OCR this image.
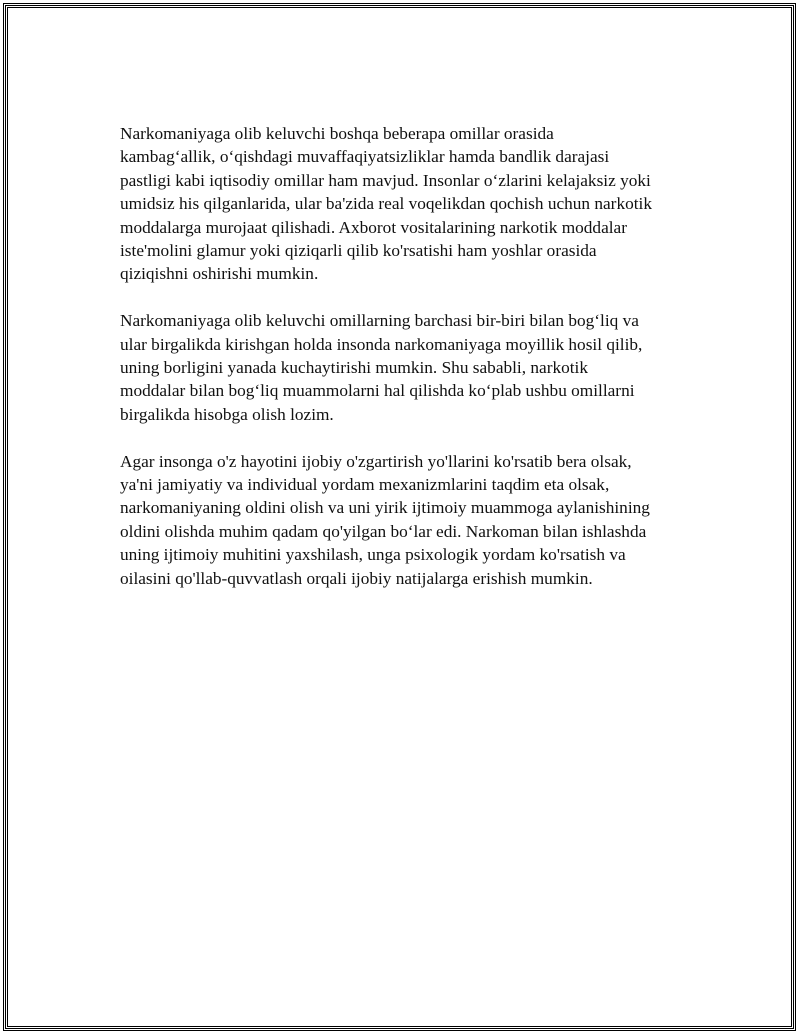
Narkomaniyaga olib keluvchi boshqa beberapa omillar orasida
kambag‘allik, o‘qishdagi muvaffaqiyatsizliklar hamda bandlik darajasi
pastligi kabi iqtisodiy omillar ham mavjud. Insonlar o‘zlarini kelajaksiz yoki
umidsiz his qilganlarida, ular ba'zida real voqelikdan qochish uchun narkotik
moddalarga murojaat qilishadi. Axborot vositalarining narkotik moddalar
iste'molini glamur yoki qiziqarli qilib ko'rsatishi ham yoshlar orasida
qiziqishni oshirishi mumkin.

Narkomaniyaga olib keluvchi omillarning barchasi bir-biri bilan bog‘liq va
ular birgalikda kirishgan holda insonda narkomaniyaga moyillik hosil qilib,
uning borligini yanada kuchaytirishi mumkin. Shu sababli, narkotik
moddalar bilan bog‘liq muammolarni hal qilishda ko‘plab ushbu omillarni
birgalikda hisobga olish lozim.

Agar insonga o'z hayotini ijobiy o'zgartirish yo'llarini ko'rsatib bera olsak,
ya'ni jamiyatiy va individual yordam mexanizmlarini taqdim eta olsak,
narkomaniyaning oldini olish va uni yirik ijtimoiy muammoga aylanishining
oldini olishda muhim qadam qo'yilgan bo‘lar edi. Narkoman bilan ishlashda
uning ijtimoiy muhitini yaxshilash, unga psixologik yordam ko'rsatish va
oilasini qo'llab-quvvatlash orqali ijobiy natijalarga erishish mumkin.
